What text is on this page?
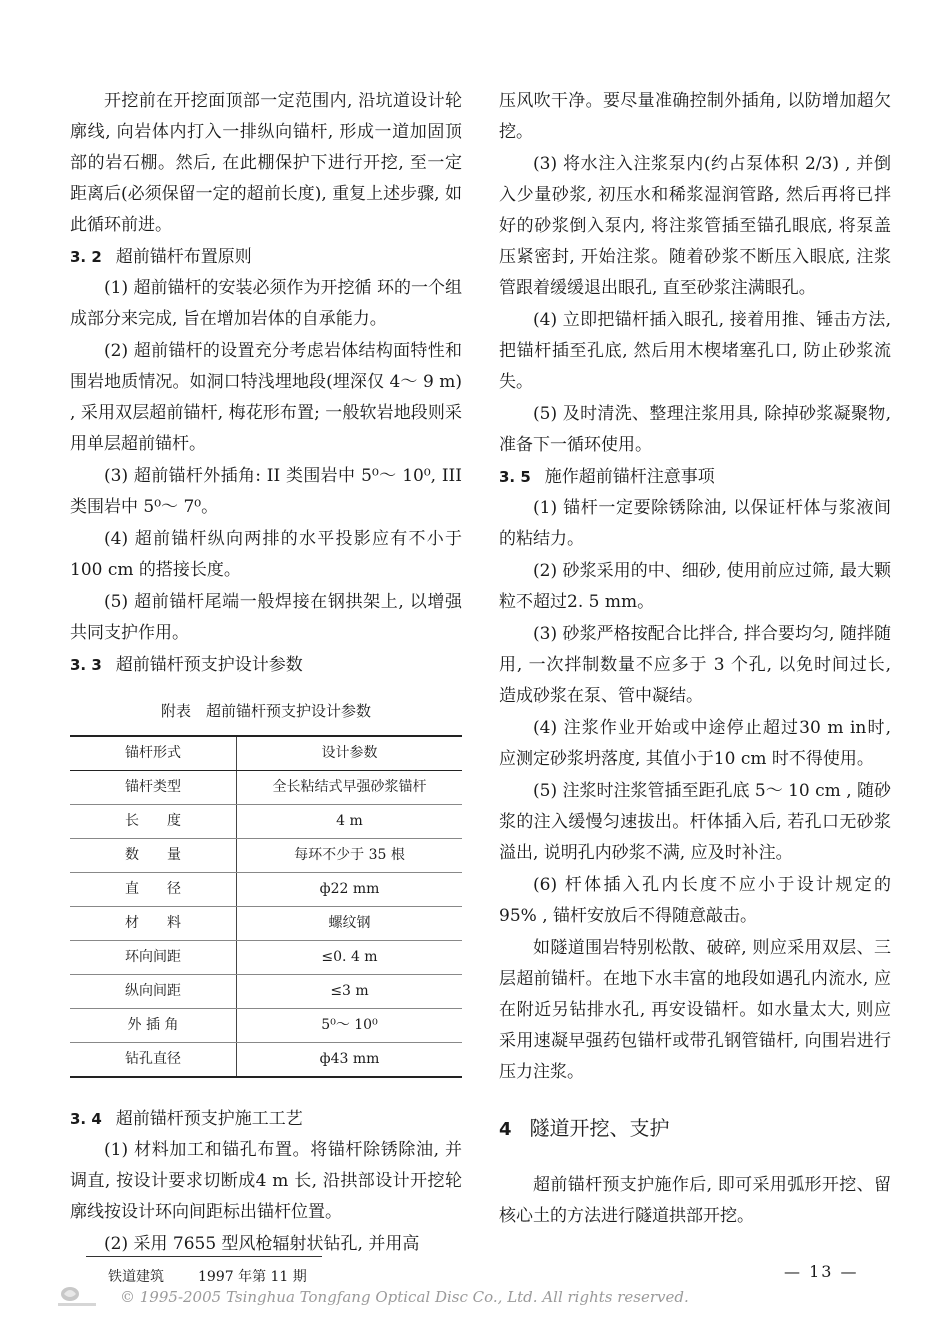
开挖前在开挖面顶部一定范围内, 沿坑道设计轮廓线, 向岩体内打入一排纵向锚杆, 形成一道加固顶部的岩石棚。然后, 在此棚保护下进行开挖, 至一定距离后(必须保留一定的超前长度), 重复上述步骤, 如此循环前进。

3. 2 超前锚杆布置原则

(1) 超前锚杆的安装必须作为开挖循 环的一个组成部分来完成, 旨在增加岩体的自承能力。

(2) 超前锚杆的设置充分考虑岩体结构面特性和围岩地质情况。如洞口特浅埋地段(埋深仅 4～ 9 m) , 采用双层超前锚杆, 梅花形布置; 一般软岩地段则采用单层超前锚杆。

(3) 超前锚杆外插角: II 类围岩中 5⁰～ 10⁰, III类围岩中 5⁰～ 7⁰。

(4) 超前锚杆纵向两排的水平投影应有不小于 100 cm 的搭接长度。

(5) 超前锚杆尾端一般焊接在钢拱架上, 以增强共同支护作用。

3. 3 超前锚杆预支护设计参数
附表　超前锚杆预支护设计参数
锚杆形式	设计参数
锚杆类型	全长粘结式早强砂浆锚杆
长　　度	4 m
数　　量	每环不少于 35 根
直　　径	ф22 mm
材　　料	螺纹钢
环向间距	≤0. 4 m
纵向间距	≤3 m
外 插 角	5⁰～ 10⁰
钻孔直径	ф43 mm
3. 4 超前锚杆预支护施工工艺

(1) 材料加工和锚孔布置。将锚杆除锈除油, 并调直, 按设计要求切断成4 m 长, 沿拱部设计开挖轮廓线按设计环向间距标出锚杆位置。

(2) 采用 7655 型风枪辐射状钻孔, 并用高

压风吹干净。要尽量准确控制外插角, 以防增加超欠挖。

(3) 将水注入注浆泵内(约占泵体积 2/3) , 并倒入少量砂浆, 初压水和稀浆湿润管路, 然后再将已拌好的砂浆倒入泵内, 将注浆管插至锚孔眼底, 将泵盖压紧密封, 开始注浆。随着砂浆不断压入眼底, 注浆管跟着缓缓退出眼孔, 直至砂浆注满眼孔。

(4) 立即把锚杆插入眼孔, 接着用推、锤击方法, 把锚杆插至孔底, 然后用木楔堵塞孔口, 防止砂浆流失。

(5) 及时清洗、整理注浆用具, 除掉砂浆凝聚物, 准备下一循环使用。

3. 5 施作超前锚杆注意事项

(1) 锚杆一定要除锈除油, 以保证杆体与浆液间的粘结力。

(2) 砂浆采用的中、细砂, 使用前应过筛, 最大颗粒不超过2. 5 mm。

(3) 砂浆严格按配合比拌合, 拌合要均匀, 随拌随用, 一次拌制数量不应多于 3 个孔, 以免时间过长, 造成砂浆在泵、管中凝结。

(4) 注浆作业开始或中途停止超过30 m in时, 应测定砂浆坍落度, 其值小于10 cm 时不得使用。

(5) 注浆时注浆管插至距孔底 5～ 10 cm , 随砂浆的注入缓慢匀速拔出。杆体插入后, 若孔口无砂浆溢出, 说明孔内砂浆不满, 应及时补注。

(6) 杆体插入孔内长度不应小于设计规定的 95% , 锚杆安放后不得随意敲击。

如隧道围岩特别松散、破碎, 则应采用双层、三层超前锚杆。在地下水丰富的地段如遇孔内流水, 应在附近另钻排水孔, 再安设锚杆。如水量太大, 则应采用速凝早强药包锚杆或带孔钢管锚杆, 向围岩进行压力注浆。

4 隧道开挖、支护

超前锚杆预支护施作后, 即可采用弧形开挖、留核心土的方法进行隧道拱部开挖。

铁道建筑 1997 年第 11 期	— 13 —
© 1995-2005 Tsinghua Tongfang Optical Disc Co., Ltd. All rights reserved.
